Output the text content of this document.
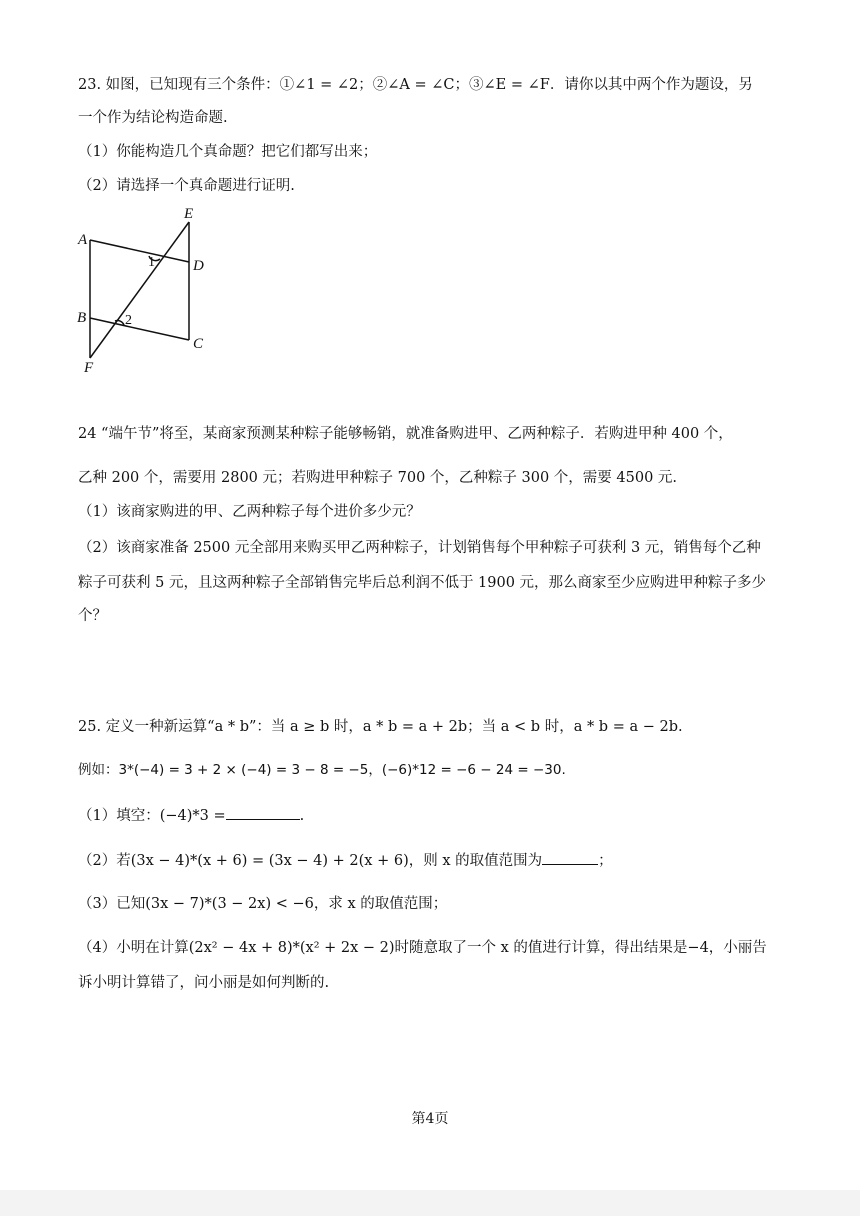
23. 如图，已知现有三个条件：①∠1 = ∠2；②∠A = ∠C；③∠E = ∠F．请你以其中两个作为题设，另
一个作为结论构造命题.
（1）你能构造几个真命题？把它们都写出来；
（2）请选择一个真命题进行证明.
A
E
D
B
C
F
1
2
24 “端午节”将至，某商家预测某种粽子能够畅销，就准备购进甲、乙两种粽子．若购进甲种 400 个，
乙种 200 个，需要用 2800 元；若购进甲种粽子 700 个，乙种粽子 300 个，需要 4500 元.
（1）该商家购进的甲、乙两种粽子每个进价多少元？
（2）该商家准备 2500 元全部用来购买甲乙两种粽子，计划销售每个甲种粽子可获利 3 元，销售每个乙种
粽子可获利 5 元，且这两种粽子全部销售完毕后总利润不低于 1900 元，那么商家至少应购进甲种粽子多少
个？
25. 定义一种新运算“a * b”：当 a ≥ b 时，a * b = a + 2b；当 a < b 时，a * b = a − 2b.
例如：3*(−4) = 3 + 2 × (−4) = 3 − 8 = −5，(−6)*12 = −6 − 24 = −30.
（1）填空：(−4)*3 =	.
（2）若(3x − 4)*(x + 6) = (3x − 4) + 2(x + 6)，则 x 的取值范围为	；
（3）已知(3x − 7)*(3 − 2x) < −6，求 x 的取值范围；
（4）小明在计算(2x² − 4x + 8)*(x² + 2x − 2)时随意取了一个 x 的值进行计算，得出结果是−4，小丽告
诉小明计算错了，问小丽是如何判断的.
第4页
